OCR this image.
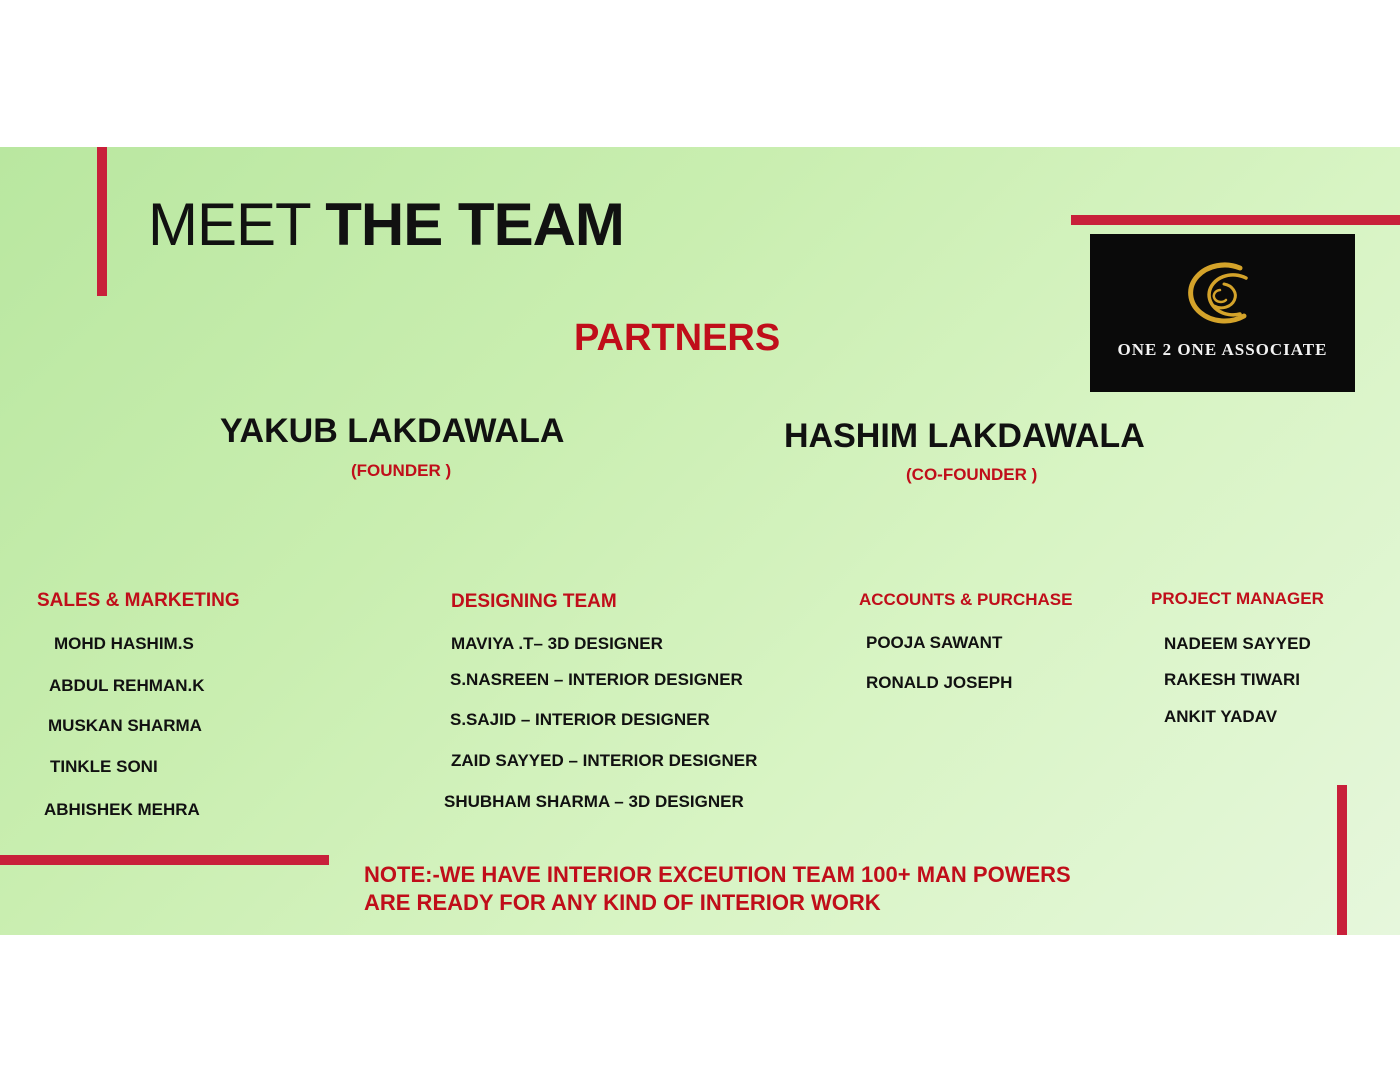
MEET THE TEAM
ONE 2 ONE ASSOCIATE
PARTNERS
YAKUB LAKDAWALA
(FOUNDER )
HASHIM LAKDAWALA
(CO-FOUNDER )
SALES & MARKETING
MOHD HASHIM.S
ABDUL REHMAN.K
MUSKAN SHARMA
TINKLE SONI
ABHISHEK MEHRA
DESIGNING TEAM
MAVIYA .T– 3D DESIGNER
S.NASREEN – INTERIOR DESIGNER
S.SAJID – INTERIOR DESIGNER
ZAID SAYYED – INTERIOR DESIGNER
SHUBHAM SHARMA – 3D DESIGNER
ACCOUNTS & PURCHASE
POOJA SAWANT
RONALD JOSEPH
PROJECT MANAGER
NADEEM SAYYED
RAKESH TIWARI
ANKIT YADAV
NOTE:-WE HAVE INTERIOR EXCEUTION TEAM 100+ MAN POWERS
ARE READY FOR ANY KIND OF INTERIOR WORK
